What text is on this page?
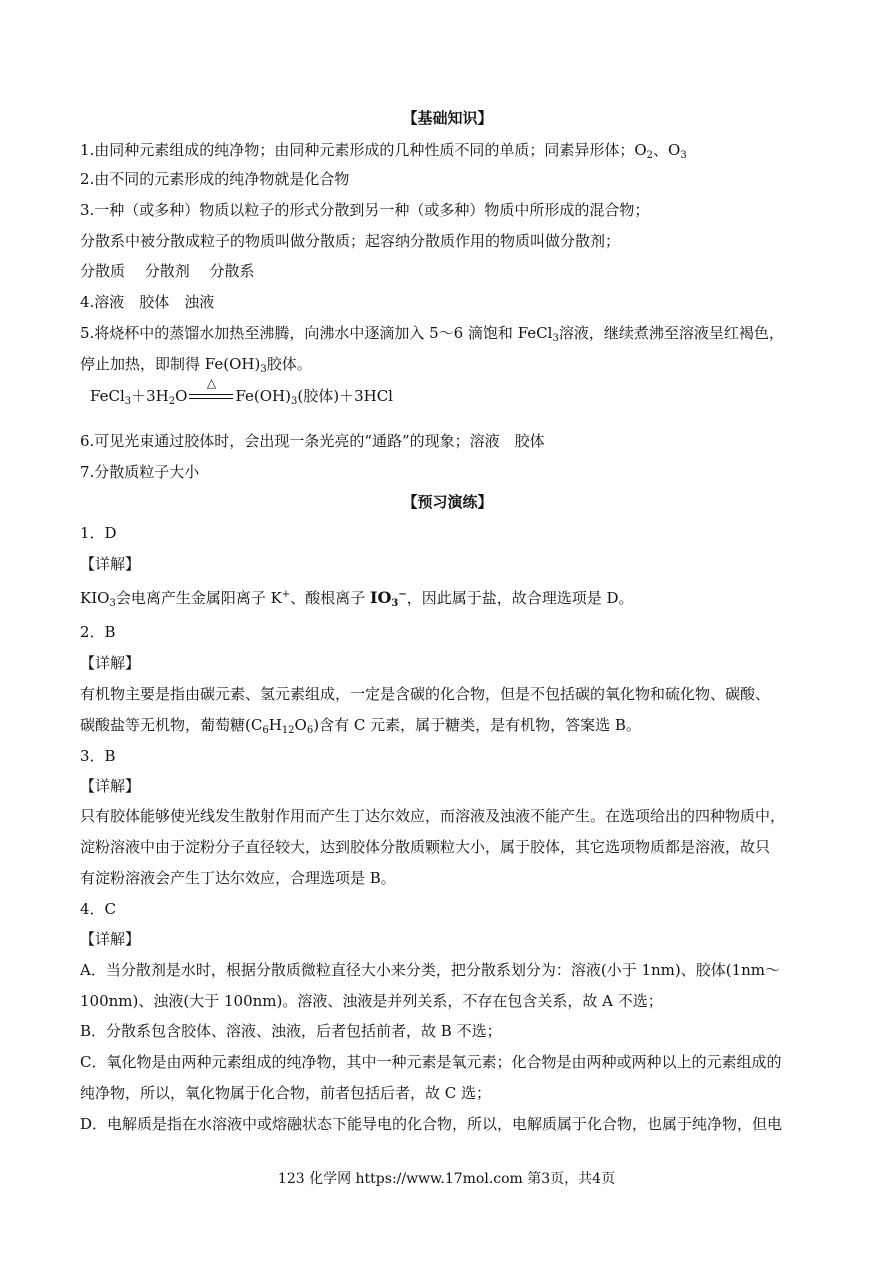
【基础知识】
1.由同种元素组成的纯净物；由同种元素形成的几种性质不同的单质；同素异形体；$O_2$、$O_3$
2.由不同的元素形成的纯净物就是化合物
3.一种（或多种）物质以粒子的形式分散到另一种（或多种）物质中所形成的混合物；
分散系中被分散成粒子的物质叫做分散质；起容纳分散质作用的物质叫做分散剂；
分散质　 分散剂　 分散系
4.溶液　胶体　浊液
5.将烧杯中的蒸馏水加热至沸腾，向沸水中逐滴加入 5～6 滴饱和 FeCl$_3$溶液，继续煮沸至溶液呈红褐色，
停止加热，即制得 $Fe(OH)_3$胶体。
$FeCl_3+3H_2O$
△
$Fe(OH)_3$(胶体)＋3HCl
6.可见光束通过胶体时，会出现一条光亮的“通路”的现象；溶液　胶体
7.分散质粒子大小
【预习演练】
1．D
【详解】
$KIO_3$会电离产生金属阳离子 K+、酸根离子 $IO_3^-$，因此属于盐，故合理选项是 D。
2．B
【详解】
有机物主要是指由碳元素、氢元素组成，一定是含碳的化合物，但是不包括碳的氧化物和硫化物、碳酸、
碳酸盐等无机物，葡萄糖$(C_6H_{12}O_6)$含有 C 元素，属于糖类，是有机物，答案选 B。
3．B
【详解】
只有胶体能够使光线发生散射作用而产生丁达尔效应，而溶液及浊液不能产生。在选项给出的四种物质中，
淀粉溶液中由于淀粉分子直径较大，达到胶体分散质颗粒大小，属于胶体，其它选项物质都是溶液，故只
有淀粉溶液会产生丁达尔效应，合理选项是 B。
4．C
【详解】
A．当分散剂是水时，根据分散质微粒直径大小来分类，把分散系划分为：溶液(小于 1nm)、胶体(1nm～
100nm)、浊液(大于 100nm)。溶液、浊液是并列关系，不存在包含关系，故 A 不选；
B．分散系包含胶体、溶液、浊液，后者包括前者，故 B 不选；
C．氧化物是由两种元素组成的纯净物，其中一种元素是氧元素；化合物是由两种或两种以上的元素组成的
纯净物，所以，氧化物属于化合物，前者包括后者，故 C 选；
D．电解质是指在水溶液中或熔融状态下能导电的化合物，所以，电解质属于化合物，也属于纯净物，但电
123 化学网 https://www.17mol.com 第3页，共4页
